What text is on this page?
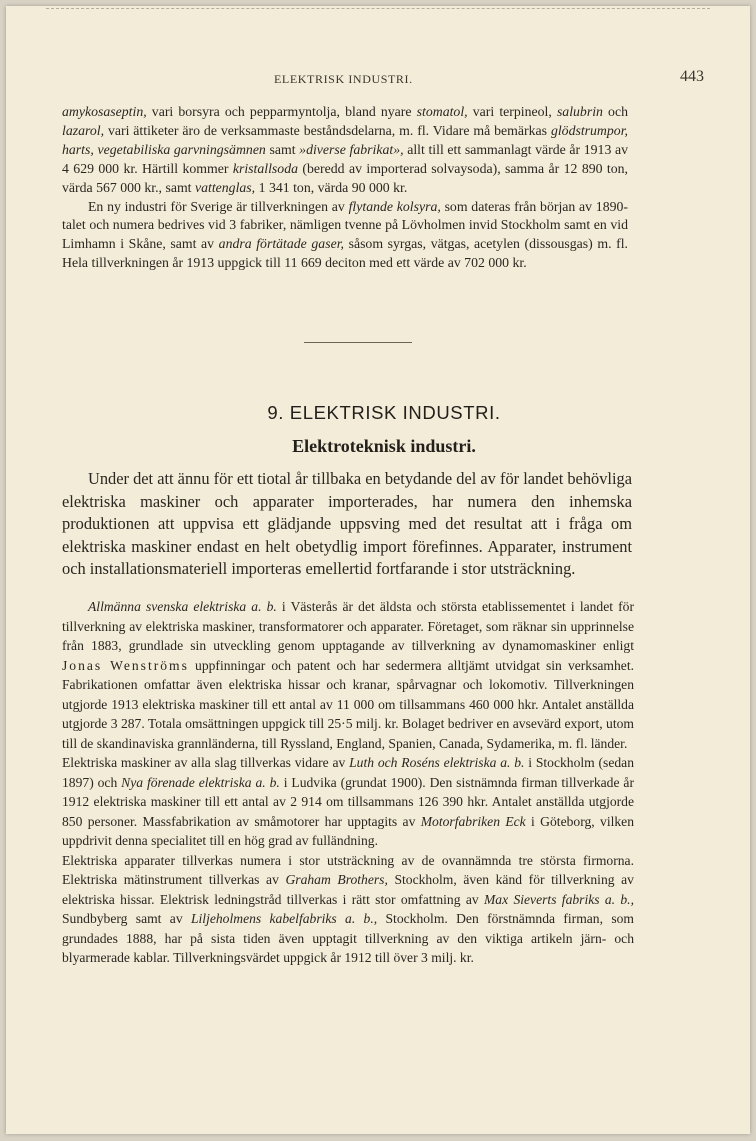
ELEKTRISK INDUSTRI.	443

amykosaseptin, vari borsyra och pepparmyntolja, bland nyare stomatol, vari terpineol, salubrin och lazarol, vari ättiketer äro de verksammaste beståndsdelarna, m. fl. Vidare må bemärkas glödstrumpor, harts, vegetabiliska garvningsämnen samt »diverse fabrikat», allt till ett sammanlagt värde år 1913 av 4 629 000 kr. Härtill kommer kristallsoda (beredd av importerad solvaysoda), samma år 12 890 ton, värda 567 000 kr., samt vattenglas, 1 341 ton, värda 90 000 kr.

En ny industri för Sverige är tillverkningen av flytande kolsyra, som dateras från början av 1890-talet och numera bedrives vid 3 fabriker, nämligen tvenne på Lövholmen invid Stockholm samt en vid Limhamn i Skåne, samt av andra förtätade gaser, såsom syrgas, vätgas, acetylen (dissousgas) m. fl. Hela tillverkningen år 1913 uppgick till 11 669 deciton med ett värde av 702 000 kr.

9. ELEKTRISK INDUSTRI.
Elektroteknisk industri.

Under det att ännu för ett tiotal år tillbaka en betydande del av för landet behövliga elektriska maskiner och apparater importerades, har numera den inhemska produktionen att uppvisa ett glädjande uppsving med det resultat att i fråga om elektriska maskiner endast en helt obetydlig import förefinnes. Apparater, instrument och installationsmateriell importeras emellertid fortfarande i stor utsträckning.

Allmänna svenska elektriska a. b. i Västerås är det äldsta och största etablissementet i landet för tillverkning av elektriska maskiner, transformatorer och apparater. Företaget, som räknar sin upprinnelse från 1883, grundlade sin utveckling genom upptagande av tillverkning av dynamomaskiner enligt Jonas Wenströms uppfinningar och patent och har sedermera alltjämt utvidgat sin verksamhet. Fabrikationen omfattar även elektriska hissar och kranar, spårvagnar och lokomotiv. Tillverkningen utgjorde 1913 elektriska maskiner till ett antal av 11 000 om tillsammans 460 000 hkr. Antalet anställda utgjorde 3 287. Totala omsättningen uppgick till 25·5 milj. kr. Bolaget bedriver en avsevärd export, utom till de skandinaviska grannländerna, till Ryssland, England, Spanien, Canada, Sydamerika, m. fl. länder.

Elektriska maskiner av alla slag tillverkas vidare av Luth och Roséns elektriska a. b. i Stockholm (sedan 1897) och Nya förenade elektriska a. b. i Ludvika (grundat 1900). Den sistnämnda firman tillverkade år 1912 elektriska maskiner till ett antal av 2 914 om tillsammans 126 390 hkr. Antalet anställda utgjorde 850 personer. Massfabrikation av småmotorer har upptagits av Motorfabriken Eck i Göteborg, vilken uppdrivit denna specialitet till en hög grad av fulländning.

Elektriska apparater tillverkas numera i stor utsträckning av de ovannämnda tre största firmorna. Elektriska mätinstrument tillverkas av Graham Brothers, Stockholm, även känd för tillverkning av elektriska hissar. Elektrisk ledningstråd tillverkas i rätt stor omfattning av Max Sieverts fabriks a. b., Sundbyberg samt av Liljeholmens kabelfabriks a. b., Stockholm. Den förstnämnda firman, som grundades 1888, har på sista tiden även upptagit tillverkning av den viktiga artikeln järn- och blyarmerade kablar. Tillverkningsvärdet uppgick år 1912 till över 3 milj. kr.
